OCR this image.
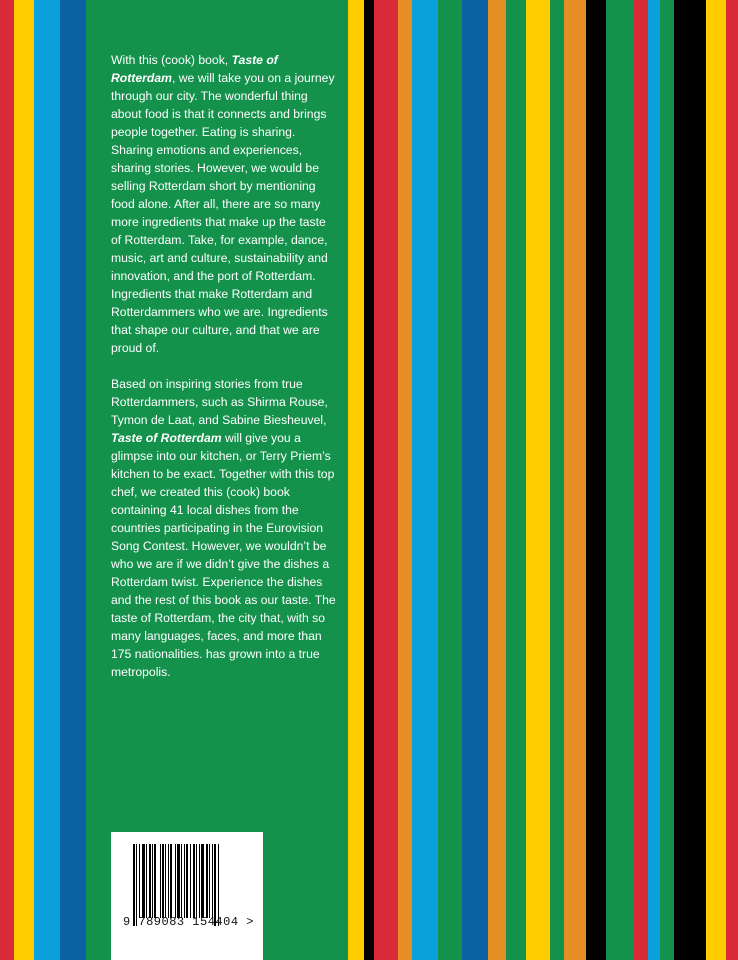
With this (cook) book, Taste of Rotterdam, we will take you on a journey through our city. The wonderful thing about food is that it connects and brings people together. Eating is sharing. Sharing emotions and experiences, sharing stories. However, we would be selling Rotterdam short by mentioning food alone. After all, there are so many more ingredients that make up the taste of Rotterdam. Take, for example, dance, music, art and culture, sustainability and innovation, and the port of Rotterdam. Ingredients that make Rotterdam and Rotterdammers who we are. Ingredients that shape our culture, and that we are proud of.

Based on inspiring stories from true Rotterdammers, such as Shirma Rouse, Tymon de Laat, and Sabine Biesheuvel, Taste of Rotterdam will give you a glimpse into our kitchen, or Terry Priem’s kitchen to be exact. Together with this top chef, we created this (cook) book containing 41 local dishes from the countries participating in the Eurovision Song Contest. However, we wouldn’t be who we are if we didn’t give the dishes a Rotterdam twist. Experience the dishes and the rest of this book as our taste. The taste of Rotterdam, the city that, with so many languages, faces, and more than 175 nationalities. has grown into a true metropolis.

9 789083 154404 >
